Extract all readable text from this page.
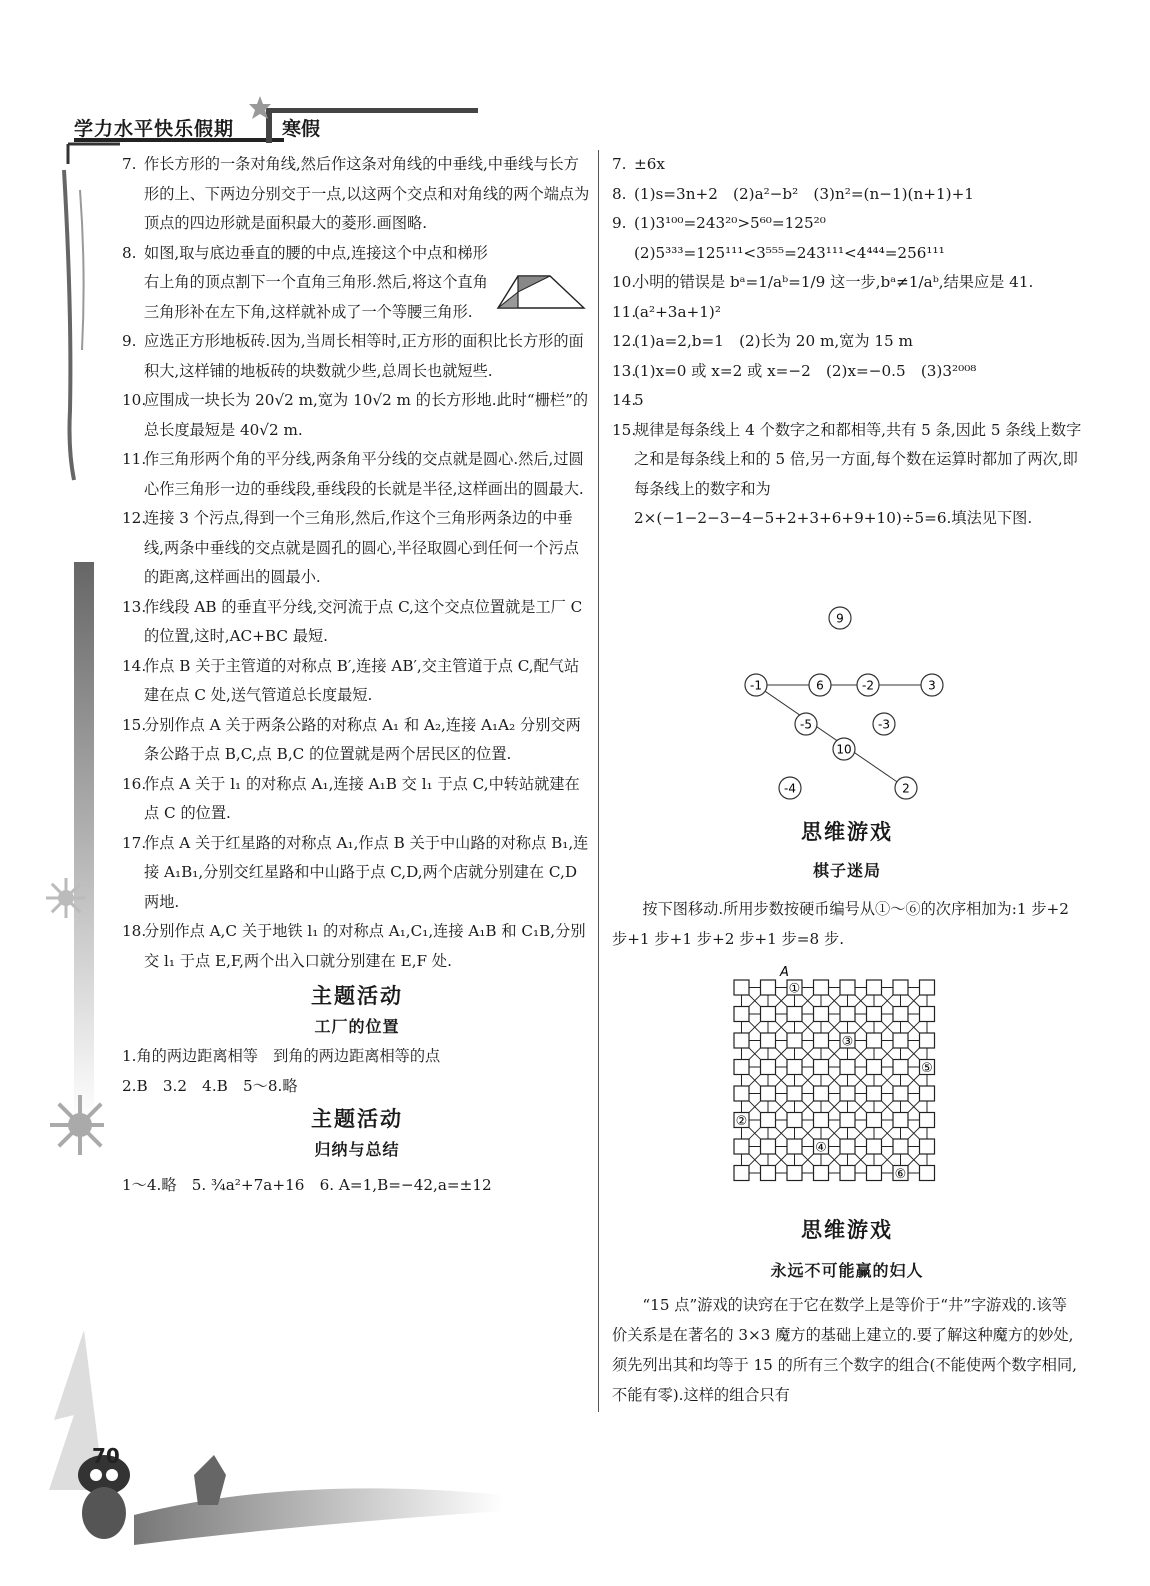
学力水平快乐假期	寒假
70
7. 作长方形的一条对角线,然后作这条对角线的中垂线,中垂线与长方形的上、下两边分别交于一点,以这两个交点和对角线的两个端点为顶点的四边形就是面积最大的菱形.画图略.

8. 如图,取与底边垂直的腰的中点,连接这个中点和梯形右上角的顶点割下一个直角三角形.然后,将这个直角三角形补在左下角,这样就补成了一个等腰三角形.

9. 应选正方形地板砖.因为,当周长相等时,正方形的面积比长方形的面积大,这样铺的地板砖的块数就少些,总周长也就短些.

10.

应围成一块长为 20√2 m,宽为 10√2 m 的长方形地.此时“栅栏”的总长度最短是 40√2 m.

11.

作三角形两个角的平分线,两条角平分线的交点就是圆心.然后,过圆心作三角形一边的垂线段,垂线段的长就是半径,这样画出的圆最大.

12.

连接 3 个污点,得到一个三角形,然后,作这个三角形两条边的中垂线,两条中垂线的交点就是圆孔的圆心,半径取圆心到任何一个污点的距离,这样画出的圆最小.

13.

作线段 AB 的垂直平分线,交河流于点 C,这个交点位置就是工厂 C 的位置,这时,AC+BC 最短.

14.

作点 B 关于主管道的对称点 B′,连接 AB′,交主管道于点 C,配气站建在点 C 处,送气管道总长度最短.

15.

分别作点 A 关于两条公路的对称点 A₁ 和 A₂,连接 A₁A₂ 分别交两条公路于点 B,C,点 B,C 的位置就是两个居民区的位置.

16.

作点 A 关于 l₁ 的对称点 A₁,连接 A₁B 交 l₁ 于点 C,中转站就建在点 C 的位置.

17.

作点 A 关于红星路的对称点 A₁,作点 B 关于中山路的对称点 B₁,连接 A₁B₁,分别交红星路和中山路于点 C,D,两个店就分别建在 C,D 两地.

18.

分别作点 A,C 关于地铁 l₁ 的对称点 A₁,C₁,连接 A₁B 和 C₁B,分别交 l₁ 于点 E,F,两个出入口就分别建在 E,F 处.

主题活动
工厂的位置

1.角的两边距离相等　到角的两边距离相等的点

2.B　3.2　4.B　5～8.略

主题活动
归纳与总结

1～4.略　5. ¾a²+7a+16　6. A=1,B=−42,a=±12

7. ±6x

8. (1)s=3n+2　(2)a²−b²　(3)n²=(n−1)(n+1)+1

9. (1)3¹⁰⁰=243²⁰>5⁶⁰=125²⁰

(2)5³³³=125¹¹¹<3⁵⁵⁵=243¹¹¹<4⁴⁴⁴=256¹¹¹

10.

小明的错误是 bᵃ=1/aᵇ=1/9 这一步,bᵃ≠1/aᵇ,结果应是 41.

11.

(a²+3a+1)²

12.

(1)a=2,b=1　(2)长为 20 m,宽为 15 m

13.

(1)x=0 或 x=2 或 x=−2　(2)x=−0.5　(3)3²⁰⁰⁸

14.

5

15.

规律是每条线上 4 个数字之和都相等,共有 5 条,因此 5 条线上数字之和是每条线上和的 5 倍,另一方面,每个数在运算时都加了两次,即每条线上的数字和为 2×(−1−2−3−4−5+2+3+6+9+10)÷5=6.填法见下图.

9
-1	6	-2	3
-5	-3
10
-4	2
思维游戏
棋子迷局

按下图移动.所用步数按硬币编号从①～⑥的次序相加为:1 步+2 步+1 步+1 步+2 步+1 步=8 步.

A
①
②
③
④
⑤
⑥
思维游戏
永远不可能赢的妇人

“15 点”游戏的诀窍在于它在数学上是等价于“井”字游戏的.该等价关系是在著名的 3×3 魔方的基础上建立的.要了解这种魔方的妙处,须先列出其和均等于 15 的所有三个数字的组合(不能使两个数字相同,不能有零).这样的组合只有
